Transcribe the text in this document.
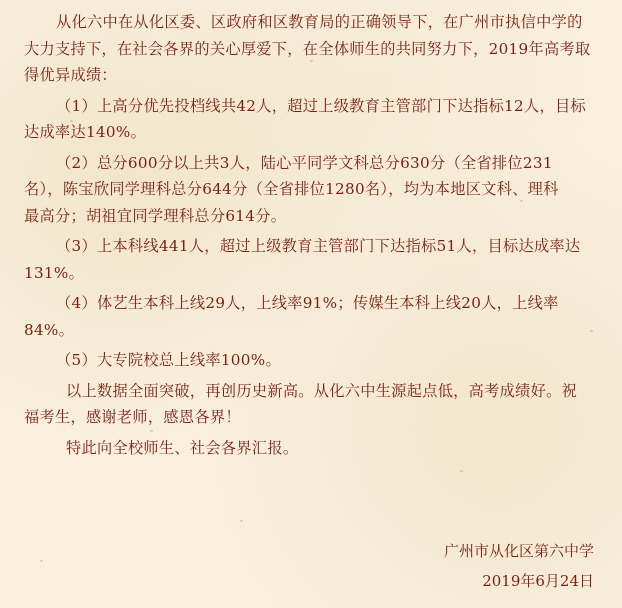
从化六中在从化区委、区政府和区教育局的正确领导下，在广州市执信中学的
大力支持下，在社会各界的关心厚爱下，在全体师生的共同努力下，2019年高考取
得优异成绩：

（1）上高分优先投档线共42人，超过上级教育主管部门下达指标12人，目标
达成率达140%。

（2）总分600分以上共3人，陆心平同学文科总分630分（全省排位231
名），陈宝欣同学理科总分644分（全省排位1280名），均为本地区文科、理科
最高分；胡祖宜同学理科总分614分。

（3）上本科线441人，超过上级教育主管部门下达指标51人，目标达成率达
131%。

（4）体艺生本科上线29人，上线率91%；传媒生本科上线20人，上线率
84%。

（5）大专院校总上线率100%。

以上数据全面突破，再创历史新高。从化六中生源起点低，高考成绩好。祝
福考生，感谢老师，感恩各界！

特此向全校师生、社会各界汇报。

广州市从化区第六中学
2019年6月24日
